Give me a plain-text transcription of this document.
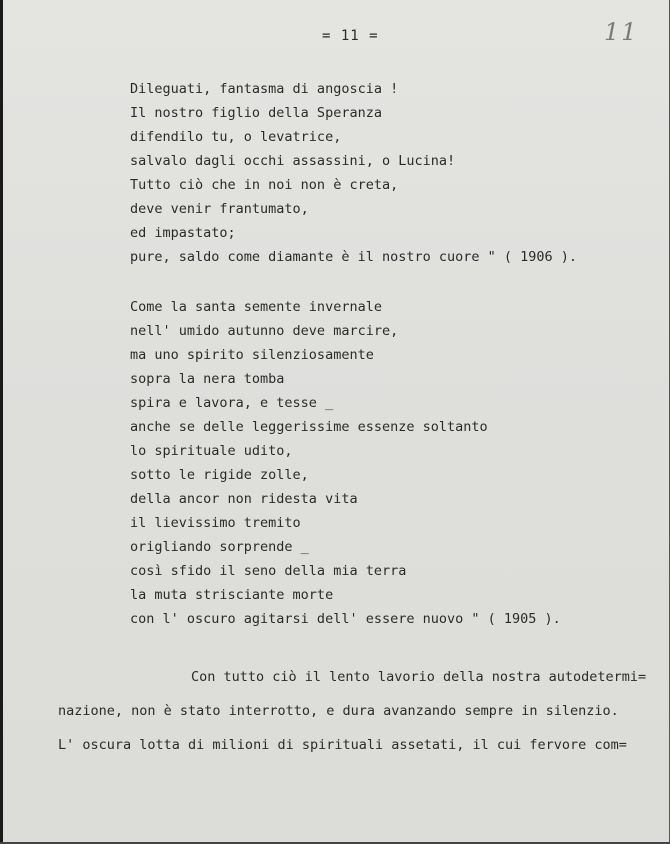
= 11 =	11
Dileguati, fantasma di angoscia !
Il nostro figlio della Speranza
difendilo tu, o levatrice,
salvalo dagli occhi assassini, o Lucina!
Tutto ciò che in noi non è creta,
deve venir frantumato,
ed impastato;
pure, saldo come diamante è il nostro cuore " ( 1906 ).
Come la santa semente invernale
nell' umido autunno deve marcire,
ma uno spirito silenziosamente
sopra la nera tomba
spira e lavora, e tesse _
anche se delle leggerissime essenze soltanto
lo spirituale udito,
sotto le rigide zolle,
della ancor non ridesta vita
il lievissimo tremito
origliando sorprende _
così sfido il seno della mia terra
la muta strisciante morte
con l' oscuro agitarsi dell' essere nuovo " ( 1905 ).
Con tutto ciò il lento lavorio della nostra autodetermi=
nazione, non è stato interrotto, e dura avanzando sempre in silenzio.
L' oscura lotta di milioni di spirituali assetati, il cui fervore com=
